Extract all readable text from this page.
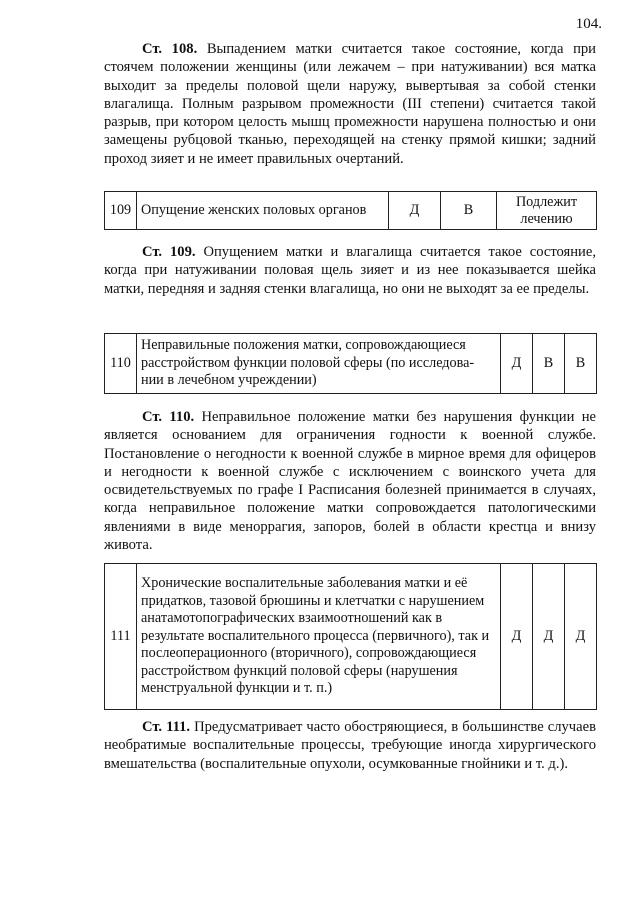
104.

Ст. 108. Выпадением матки считается такое состояние, когда при стоячем положении женщины (или лежачем – при натуживании) вся матка выходит за пределы половой щели наружу, вывертывая за собой стенки влагалища. Полным разрывом промежности (III степени) считается такой разрыв, при котором целость мышц промежности нарушена полностью и они замещены рубцовой тканью, переходящей на стенку прямой кишки; задний проход зияет и не имеет правильных очертаний.

109	Опущение женских половых органов	Д	В	Подлежит лечению

Ст. 109. Опущением матки и влагалища считается такое состояние, когда при натуживании половая щель зияет и из нее показывается шейка матки, передняя и задняя стенки влагалища, но они не выходят за ее пределы.

110	Неправильные положения матки, сопровождающиеся расстройством функции половой сферы (по исследова-нии в лечебном учреждении)	Д	В	В

Ст. 110. Неправильное положение матки без нарушения функции не является основанием для ограничения годности к военной службе. Постановление о негодности к военной службе в мирное время для офицеров и негодности к военной службе с исключением с воинского учета для освидетельствуемых по графе I Расписания болезней принимается в случаях, когда неправильное положение матки сопровождается патологическими явлениями в виде меноррагия, запоров, болей в области крестца и внизу живота.

111	Хронические воспалительные заболевания матки и её придатков, тазовой брюшины и клетчатки с нарушением анатамотопографических взаимоотношений как в результате воспалительного процесса (первичного), так и послеоперационного (вторичного), сопровождающиеся расстройством функций половой сферы (нарушения менструальной функции и т. п.)	Д	Д	Д

Ст. 111. Предусматривает часто обостряющиеся, в большинстве случаев необратимые воспалительные процессы, требующие иногда хирургического вмешательства (воспалительные опухоли, осумкованные гнойники и т. д.).
